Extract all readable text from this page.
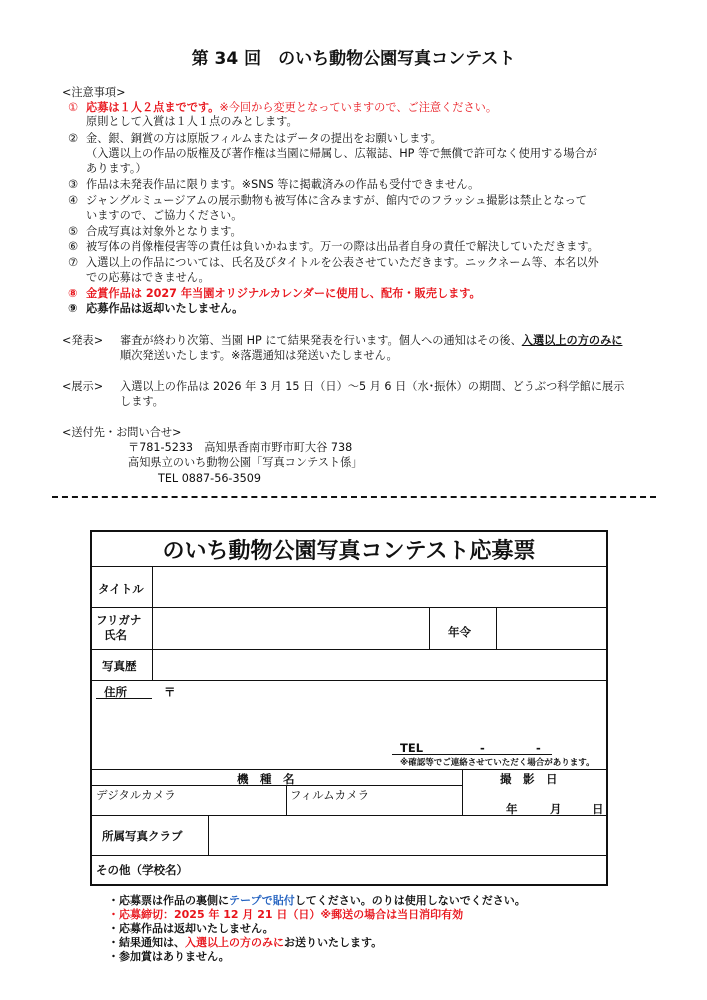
第 34 回　のいち動物公園写真コンテスト
<注意事項>
① 応募は１人２点までです。※今回から変更となっていますので、ご注意ください。
原則として入賞は１人１点のみとします。
② 金、銀、銅賞の方は原版フィルムまたはデータの提出をお願いします。
（入選以上の作品の版権及び著作権は当園に帰属し、広報誌、HP 等で無償で許可なく使用する場合が
あります。）
③ 作品は未発表作品に限ります。※SNS 等に掲載済みの作品も受付できません。
④ ジャングルミュージアムの展示動物も被写体に含みますが、館内でのフラッシュ撮影は禁止となって
いますので、ご協力ください。
⑤ 合成写真は対象外となります。
⑥ 被写体の肖像権侵害等の責任は負いかねます。万一の際は出品者自身の責任で解決していただきます。
⑦ 入選以上の作品については、氏名及びタイトルを公表させていただきます。ニックネーム等、本名以外
での応募はできません。
⑧ 金賞作品は 2027 年当園オリジナルカレンダーに使用し、配布・販売します。
⑨ 応募作品は返却いたしません。
<発表> 審査が終わり次第、当園 HP にて結果発表を行います。個人への通知はその後、入選以上の方のみに
順次発送いたします。※落選通知は発送いたしません。
<展示> 入選以上の作品は 2026 年 3 月 15 日（日）～5 月 6 日（水･振休）の期間、どうぶつ科学館に展示
します。
<送付先・お問い合せ>
〒781-5233　高知県香南市野市町大谷 738
高知県立のいち動物公園「写真コンテスト係」
TEL 0887-56-3509
のいち動物公園写真コンテスト応募票
タイトル
フリガナ
氏名	年令
写真歴
住所	〒
TEL	-	-
※確認等でご連絡させていただく場合があります。
機　種　名	撮　影　日
デジタルカメラ	フィルムカメラ
年	月	日
所属写真クラブ
その他（学校名）
・応募票は作品の裏側にテープで貼付してください。のりは使用しないでください。
・応募締切：2025 年 12 月 21 日（日）※郵送の場合は当日消印有効
・応募作品は返却いたしません。
・結果通知は、入選以上の方のみにお送りいたします。
・参加賞はありません。
